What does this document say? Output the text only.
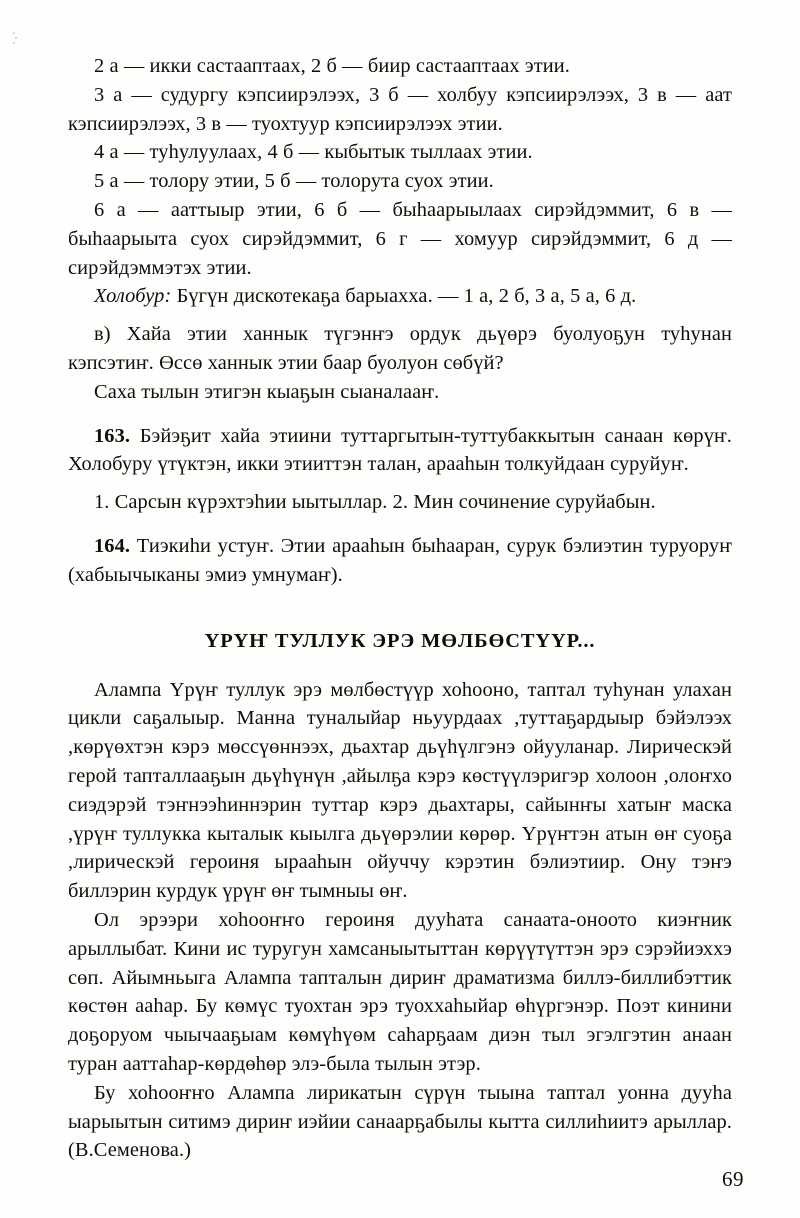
2 а — икки састааптаах, 2 б — биир састааптаах этии.

3 а — судургу кэпсиирэлээх, 3 б — холбуу кэпсиирэлээх, 3 в — аат кэпсиирэлээх, 3 в — туохтуур кэпсиирэлээх этии.

4 а — туһулуулаах, 4 б — кыбытык тыллаах этии.

5 а — толору этии, 5 б — толорута суох этии.

6 а — ааттыыр этии, 6 б — быһаарыылаах сирэйдэммит, 6 в — быһаарыыта суох сирэйдэммит, 6 г — хомуур сирэйдэммит, 6 д — сирэйдэммэтэх этии.

Холобур: Бүгүн дискотекаҕа барыахха. — 1 а, 2 б, 3 а, 5 а, 6 д.

в) Хайа этии ханнык түгэнҥэ ордук дьүөрэ буолуоҕун туһунан кэпсэтиҥ. Өссө ханнык этии баар буолуон сөбүй?

Саха тылын этигэн кыаҕын сыаналааҥ.

163. Бэйэҕит хайа этиини туттаргытын-туттубаккытын санаан көрүҥ. Холобуру үтүктэн, икки этииттэн талан, арааһын толкуйдаан суруйуҥ.

1. Сарсын күрэхтэһии ыытыллар. 2. Мин сочинение суруйабын.

164. Тиэкиһи устуҥ. Этии арааһын быһааран, сурук бэлиэтин туруоруҥ (хабыычыканы эмиэ умнумаҥ).

ҮРҮҤ ТУЛЛУК ЭРЭ МӨЛБӨСТҮҮР...

Алампа Үрүҥ туллук эрэ мөлбөстүүр хоһооно, таптал туһунан улахан цикли саҕалыыр. Манна туналыйар ньуурдаах ,туттаҕардыыр бэйэлээх ,көрүөхтэн кэрэ мөссүөннээх, дьахтар дьүһүлгэнэ ойууланар. Лирическэй герой тапталлааҕын дьүһүнүн ,айылҕа кэрэ көстүүлэригэр холоон ,олоҥхо сиэдэрэй тэҥнээһиннэрин туттар кэрэ дьахтары, сайынҥы хатыҥ маска ,үрүҥ туллукка кыталык кыылга дьүөрэлии көрөр. Үрүҥтэн атын өҥ суоҕа ,лирическэй героиня ырааһын ойуччу кэрэтин бэлиэтиир. Ону тэҥэ биллэрин курдук үрүҥ өҥ тымныы өҥ.

Ол эрээри хоһооҥҥо героиня дууһата санаата-оноото киэҥник арыллыбат. Кини ис туругун хамсаныытыттан көрүүтүттэн эрэ сэрэйиэххэ сөп. Айымньыга Алампа тапталын дириҥ драматизма биллэ-биллибэттик көстөн ааһар. Бу көмүс туохтан эрэ туоххаһыйар өһүргэнэр. Поэт кинини доҕоруом чыычааҕыам көмүһүөм саһарҕаам диэн тыл эгэлгэтин анаан туран ааттаһар-көрдөһөр элэ-была тылын этэр.

Бу хоһооҥҥо Алампа лирикатын сүрүн тыына таптал уонна дууһа ыарыытын ситимэ дириҥ иэйии санаарҕабылы кытта силлиһиитэ арыллар. (В.Семенова.)

69
